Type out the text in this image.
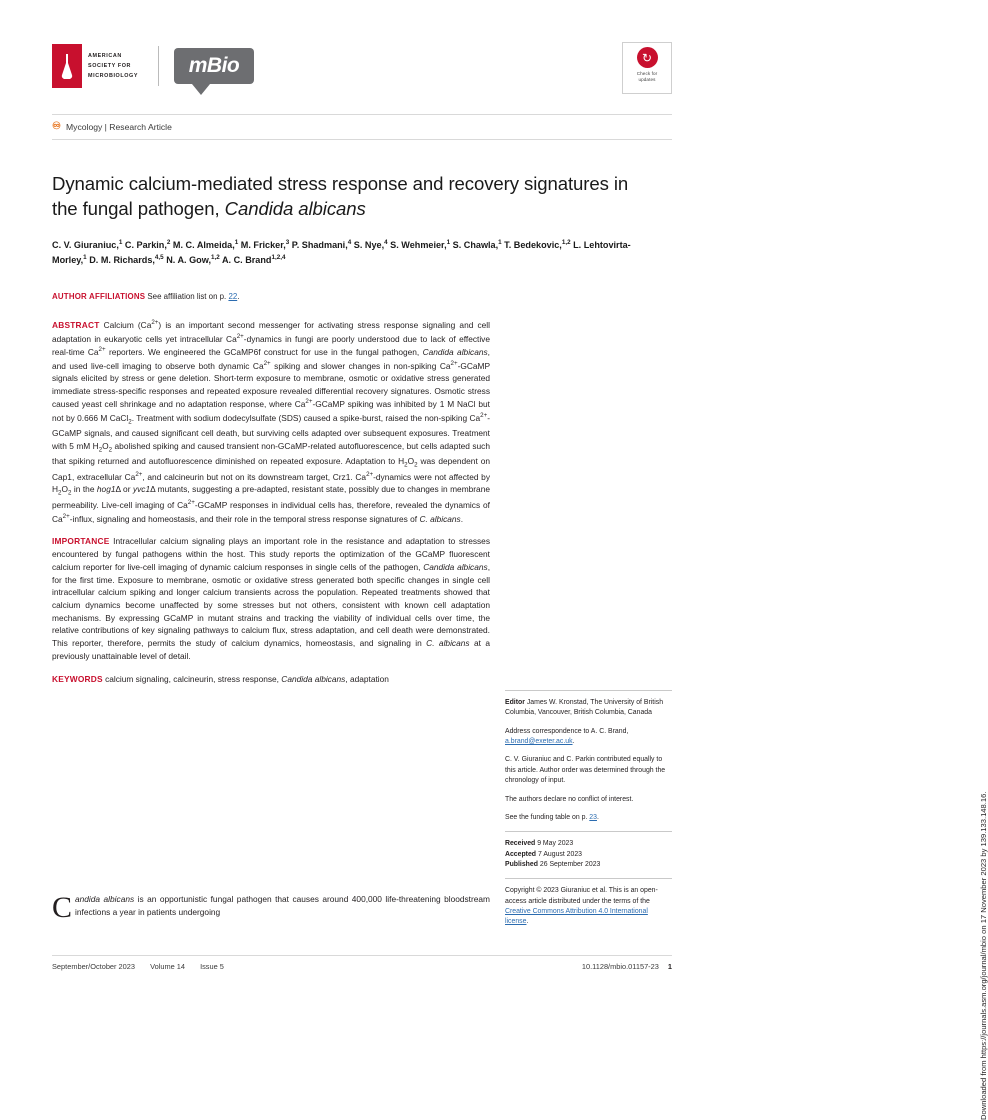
AMERICAN
SOCIETY FOR
MICROBIOLOGY mBio	↻
Check for
updates
♾ Mycology | Research Article
Dynamic calcium-mediated stress response and recovery signatures in the fungal pathogen, Candida albicans
C. V. Giuraniuc,$^1$ C. Parkin,$^2$ M. C. Almeida,$^1$ M. Fricker,$^3$ P. Shadmani,$^4$ S. Nye,$^4$ S. Wehmeier,$^1$ S. Chawla,$^1$ T. Bedekovic,$^{1,2}$ L. Lehtovirta-Morley,$^1$ D. M. Richards,$^{4,5}$ N. A. Gow,$^{1,2}$ A. C. Brand$^{1,2,4}$
AUTHOR AFFILIATIONS See affiliation list on p. 22.

ABSTRACT Calcium $(Ca^{2+})$ is an important second messenger for activating stress response signaling and cell adaptation in eukaryotic cells yet intracellular $Ca^{2+}$-dynamics in fungi are poorly understood due to lack of effective real-time $Ca^{2+}$ reporters. We engineered the GCaMP6f construct for use in the fungal pathogen, Candida albicans, and used live-cell imaging to observe both dynamic $Ca^{2+}$ spiking and slower changes in non-spiking $Ca^{2+}$-GCaMP signals elicited by stress or gene deletion. Short-term exposure to membrane, osmotic or oxidative stress generated immediate stress-specific responses and repeated exposure revealed differential recovery signatures. Osmotic stress caused yeast cell shrinkage and no adaptation response, where $Ca^{2+}$-GCaMP spiking was inhibited by 1 M NaCl but not by 0.666 M CaCl$_2$. Treatment with sodium dodecylsulfate (SDS) caused a spike-burst, raised the non-spiking $Ca^{2+}$-GCaMP signals, and caused significant cell death, but surviving cells adapted over subsequent exposures. Treatment with 5 mM $H_2O_2$ abolished spiking and caused transient non-GCaMP-related autofluorescence, but cells adapted such that spiking returned and autofluorescence diminished on repeated exposure. Adaptation to $H_2O_2$ was dependent on Cap1, extracellular $Ca^{2+}$, and calcineurin but not on its downstream target, Crz1. $Ca^{2+}$-dynamics were not affected by $H_2O_2$ in the hog1Δ or yvc1Δ mutants, suggesting a pre-adapted, resistant state, possibly due to changes in membrane permeability. Live-cell imaging of $Ca^{2+}$-GCaMP responses in individual cells has, therefore, revealed the dynamics of $Ca^{2+}$-influx, signaling and homeostasis, and their role in the temporal stress response signatures of C. albicans.

IMPORTANCE Intracellular calcium signaling plays an important role in the resistance and adaptation to stresses encountered by fungal pathogens within the host. This study reports the optimization of the GCaMP fluorescent calcium reporter for live-cell imaging of dynamic calcium responses in single cells of the pathogen, Candida albicans, for the first time. Exposure to membrane, osmotic or oxidative stress generated both specific changes in single cell intracellular calcium spiking and longer calcium transients across the population. Repeated treatments showed that calcium dynamics become unaffected by some stresses but not others, consistent with known cell adaptation mechanisms. By expressing GCaMP in mutant strains and tracking the viability of individual cells over time, the relative contributions of key signaling pathways to calcium flux, stress adaptation, and cell death were demonstrated. This reporter, therefore, permits the study of calcium dynamics, homeostasis, and signaling in C. albicans at a previously unattainable level of detail.

KEYWORDS calcium signaling, calcineurin, stress response, Candida albicans, adaptation

C andida albicans is an opportunistic fungal pathogen that causes around 400,000 life-threatening bloodstream infections a year in patients undergoing
Editor James W. Kronstad, The University of British Columbia, Vancouver, British Columbia, Canada
Address correspondence to A. C. Brand,
a.brand@exeter.ac.uk.
C. V. Giuraniuc and C. Parkin contributed equally to this article. Author order was determined through the chronology of input.
The authors declare no conflict of interest.
See the funding table on p. 23.
Received 9 May 2023
Accepted 7 August 2023
Published 26 September 2023
Copyright © 2023 Giuraniuc et al. This is an open-access article distributed under the terms of the Creative Commons Attribution 4.0 International license.	Downloaded from https://journals.asm.org/journal/mbio on 17 November 2023 by 139.133.148.16.
September/October 2023 Volume 14 Issue 5	10.1128/mbio.01157-23 1
